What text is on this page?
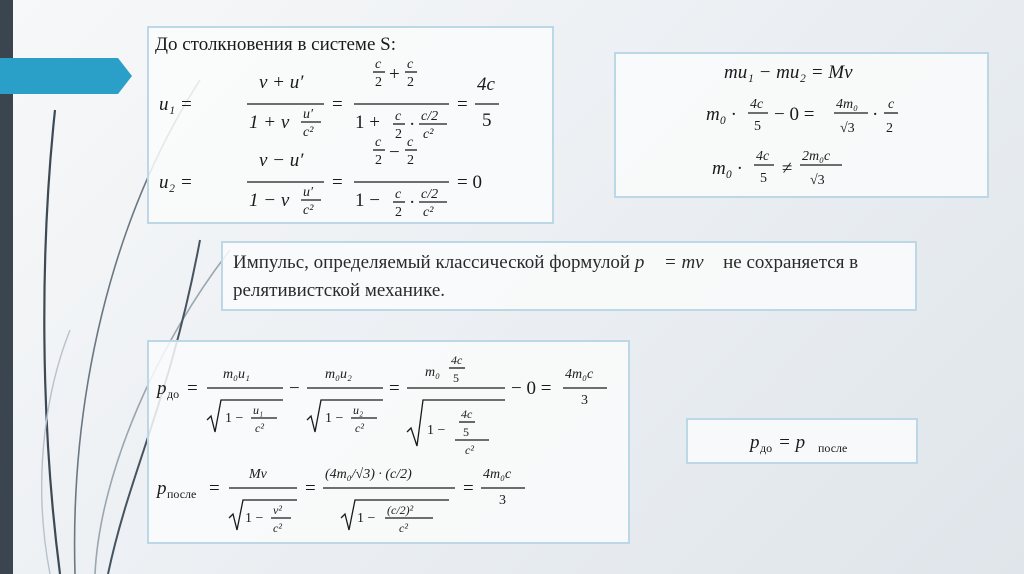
До столкновения в системе S:
u₁ =
v + u′
1 + v u′
c²
=
c
2 + c
2
1 + c
2 · c/2
c²
=
4c
5
u₂ =
v − u′
1 − v u′
c²
=
c
2 − c
2
1 − c
2 · c/2
c²
= 0
mu₁ − mu₂ = Mv
m₀ · 4c
5
− 0 = 4m₀
√3
· c
2
m₀ ·
4c
5 ≠
2m₀c
√3
Импульс, определяемый классической формулой p⃗ = mv⃗ не сохраняется в релятивистской механике.
p до =
m₀u₁
1 −
u₁
c²
−
m₀u₂
1 −
u₂
c²
=
m₀
4c
5
1 −
4c
5
c²
− 0 =
4m₀c
3
p после =
Mv
1 −
v²
c²
=
(4m₀/√3) · (c/2)
1 −
(c/2)²
c²
=
4m₀c
3
p до = p после
